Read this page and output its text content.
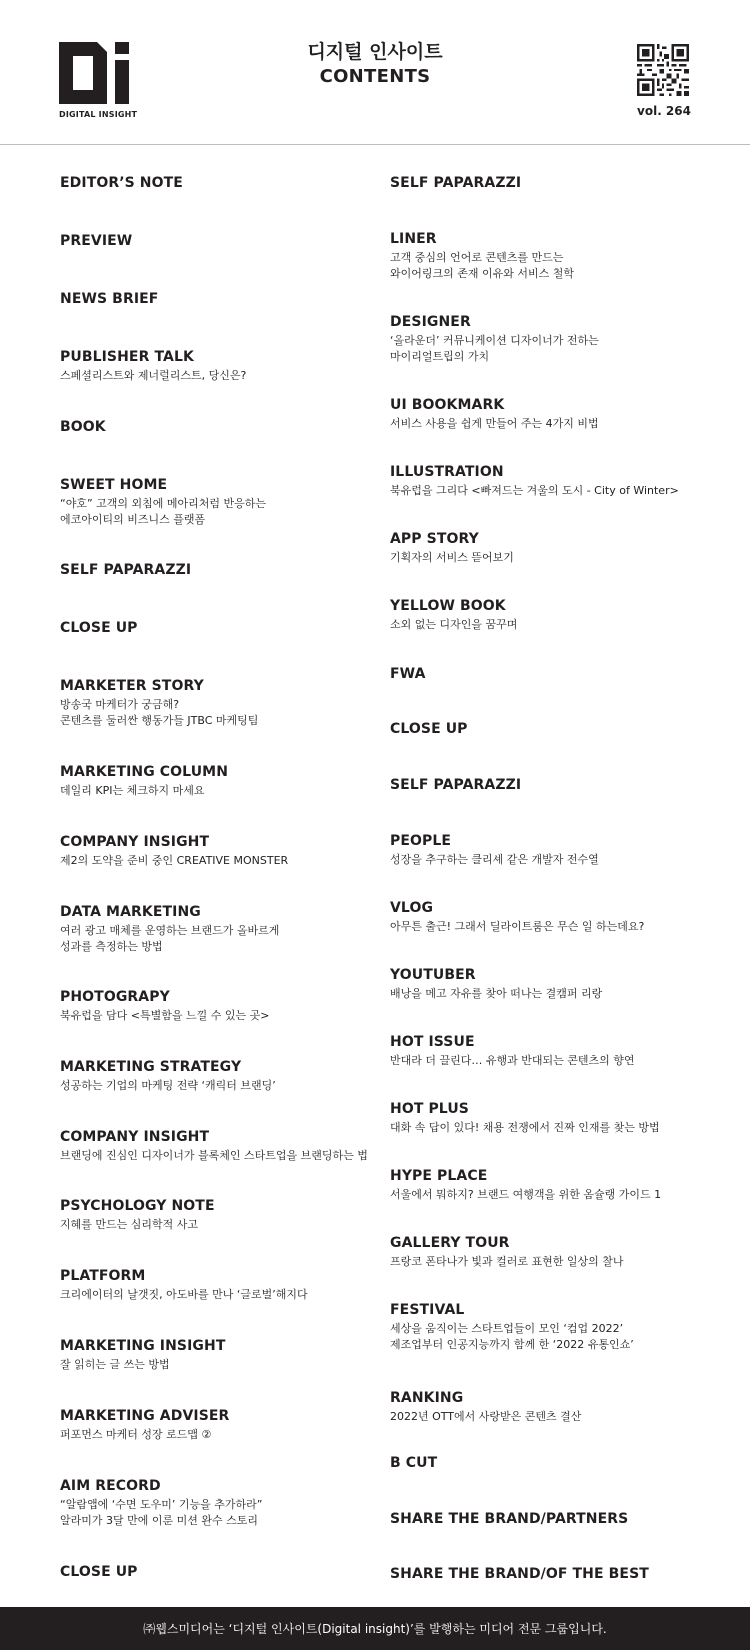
DIGITAL INSIGHT
디지털 인사이트
CONTENTS
vol. 264
EDITOR’S NOTE
PREVIEW
NEWS BRIEF
PUBLISHER TALK
스페셜리스트와 제너럴리스트, 당신은?
BOOK
SWEET HOME
“야호” 고객의 외침에 메아리처럼 반응하는
에코아이티의 비즈니스 플랫폼
SELF PAPARAZZI
CLOSE UP
MARKETER STORY
방송국 마케터가 궁금해?
콘텐츠를 둘러싼 행동가들 JTBC 마케팅팀
MARKETING COLUMN
데일리 KPI는 체크하지 마세요
COMPANY INSIGHT
제2의 도약을 준비 중인 CREATIVE MONSTER
DATA MARKETING
여러 광고 매체를 운영하는 브랜드가 올바르게
성과를 측정하는 방법
PHOTOGRAPY
북유럽을 담다 <특별함을 느낄 수 있는 곳>
MARKETING STRATEGY
성공하는 기업의 마케팅 전략 ‘캐릭터 브랜딩’
COMPANY INSIGHT
브랜딩에 진심인 디자이너가 블록체인 스타트업을 브랜딩하는 법
PSYCHOLOGY NOTE
지혜를 만드는 심리학적 사고
PLATFORM
크리에이터의 날갯짓, 아도바를 만나 ‘글로벌’해지다
MARKETING INSIGHT
잘 읽히는 글 쓰는 방법
MARKETING ADVISER
퍼포먼스 마케터 성장 로드맵 ②
AIM RECORD
“알람앱에 ‘수면 도우미’ 기능을 추가하라”
알라미가 3달 만에 이룬 미션 완수 스토리
CLOSE UP
SELF PAPARAZZI
LINER
고객 중심의 언어로 콘텐츠를 만드는
와이어링크의 존재 이유와 서비스 철학
DESIGNER
‘올라운더’ 커뮤니케이션 디자이너가 전하는
마이리얼트립의 가치
UI BOOKMARK
서비스 사용을 쉽게 만들어 주는 4가지 비법
ILLUSTRATION
북유럽을 그리다 <빠져드는 겨울의 도시 - City of Winter>
APP STORY
기획자의 서비스 뜯어보기
YELLOW BOOK
소외 없는 디자인을 꿈꾸며
FWA
CLOSE UP
SELF PAPARAZZI
PEOPLE
성장을 추구하는 클리셰 같은 개발자 전수열
VLOG
아무튼 출근! 그래서 딜라이트룸은 무슨 일 하는데요?
YOUTUBER
배낭을 메고 자유를 찾아 떠나는 결캠퍼 리랑
HOT ISSUE
반대라 더 끌린다… 유행과 반대되는 콘텐츠의 향연
HOT PLUS
대화 속 답이 있다! 채용 전쟁에서 진짜 인재를 찾는 방법
HYPE PLACE
서울에서 뭐하지? 브랜드 여행객을 위한 옴슐랭 가이드 1
GALLERY TOUR
프랑코 폰타나가 빛과 컬러로 표현한 일상의 찰나
FESTIVAL
세상을 움직이는 스타트업들이 모인 ‘컴업 2022’
제조업부터 인공지능까지 함께 한 ‘2022 유통인쇼’
RANKING
2022년 OTT에서 사랑받은 콘텐츠 결산
B CUT
SHARE THE BRAND/PARTNERS
SHARE THE BRAND/OF THE BEST
㈜웹스미디어는 ‘디지털 인사이트(Digital insight)’를 발행하는 미디어 전문 그룹입니다.
